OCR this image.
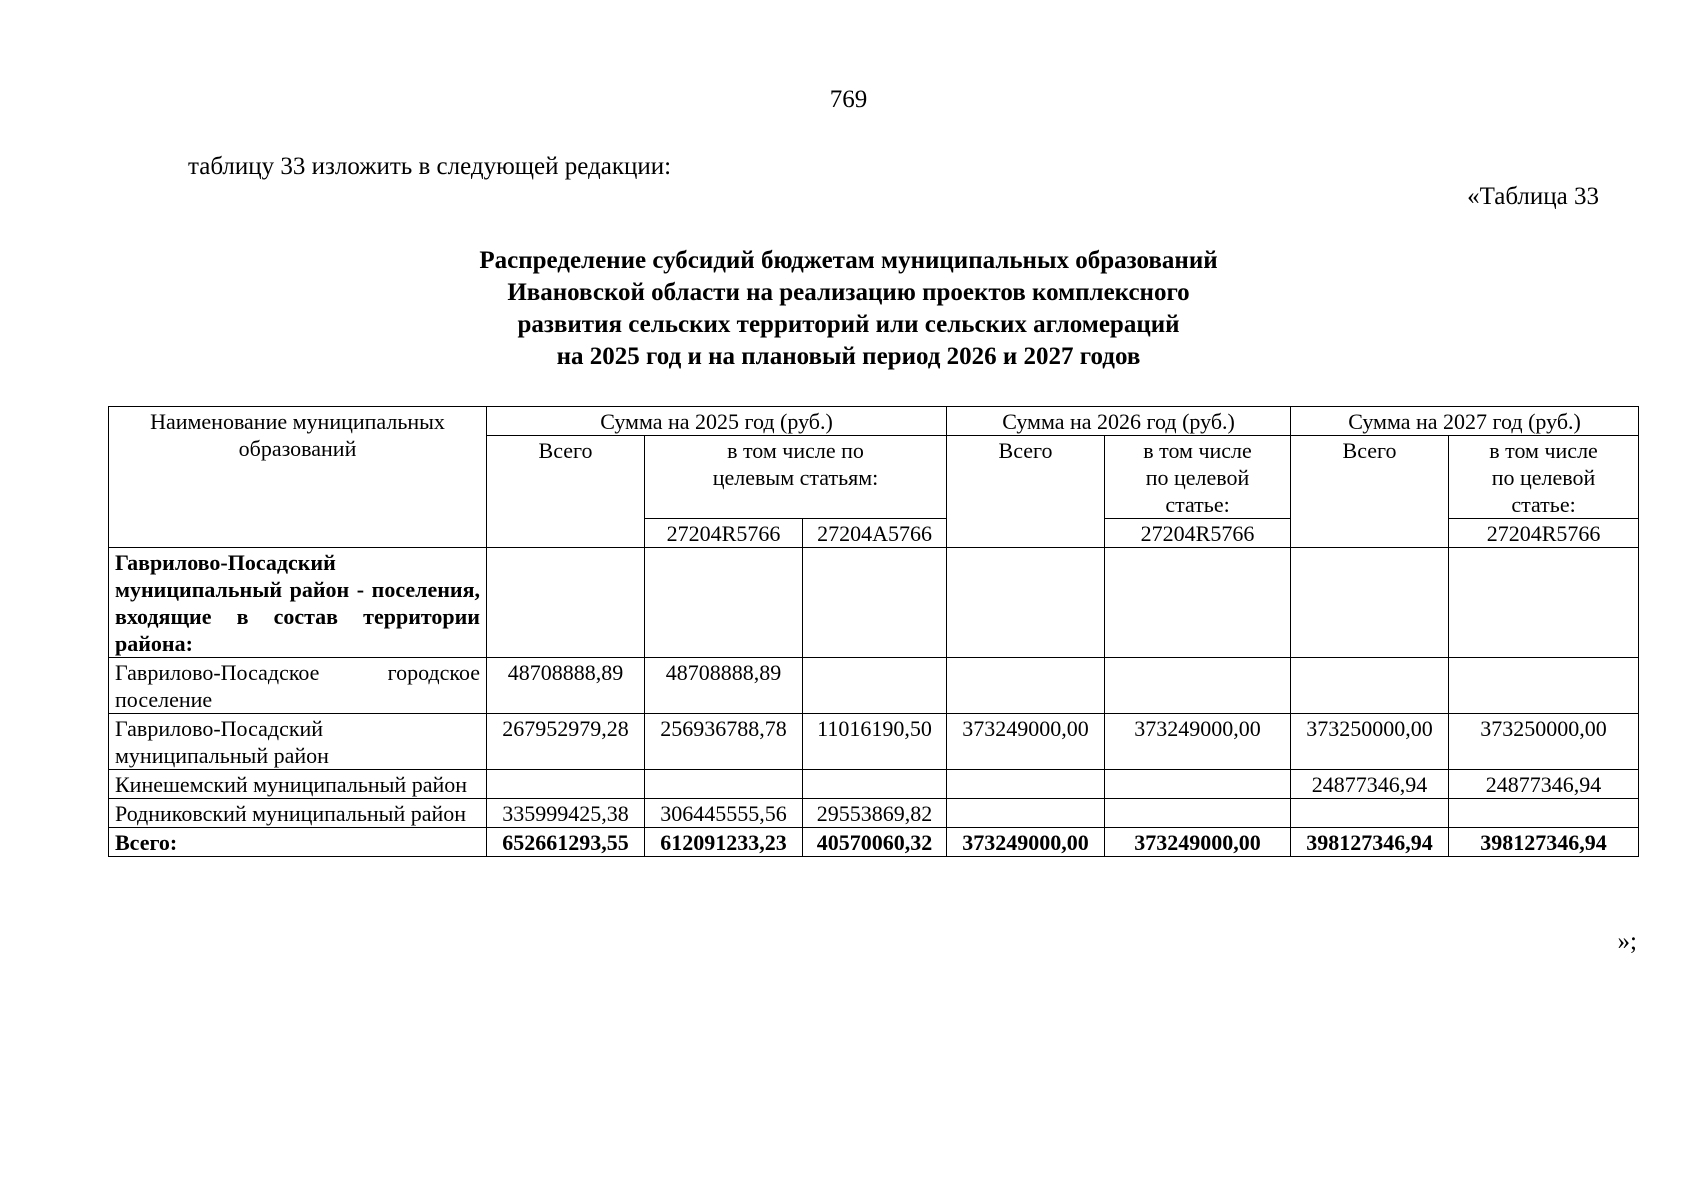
769
таблицу 33 изложить в следующей редакции:
«Таблица 33
Распределение субсидий бюджетам муниципальных образований
Ивановской области на реализацию проектов комплексного
развития сельских территорий или сельских агломераций
на 2025 год и на плановый период 2026 и 2027 годов
Наименование муниципальных образований	Сумма на 2025 год (руб.)			Сумма на 2026 год (руб.)		Сумма на 2027 год (руб.)	
	Всего	в том числе по целевым статьям:		Всего	в том числе по целевой статье:	Всего	в том числе по целевой статье:
		27204R5766	27204A5766		27204R5766		27204R5766
Гаврилово-Посадский муниципальный район - поселения, входящие в состав территории района:							
Гаврилово-Посадское городское поселение	48708888,89	48708888,89					
Гаврилово-Посадский муниципальный район	267952979,28	256936788,78	11016190,50	373249000,00	373249000,00	373250000,00	373250000,00
Кинешемский муниципальный район						24877346,94	24877346,94
Родниковский муниципальный район	335999425,38	306445555,56	29553869,82				
Всего:	652661293,55	612091233,23	40570060,32	373249000,00	373249000,00	398127346,94	398127346,94
»;
